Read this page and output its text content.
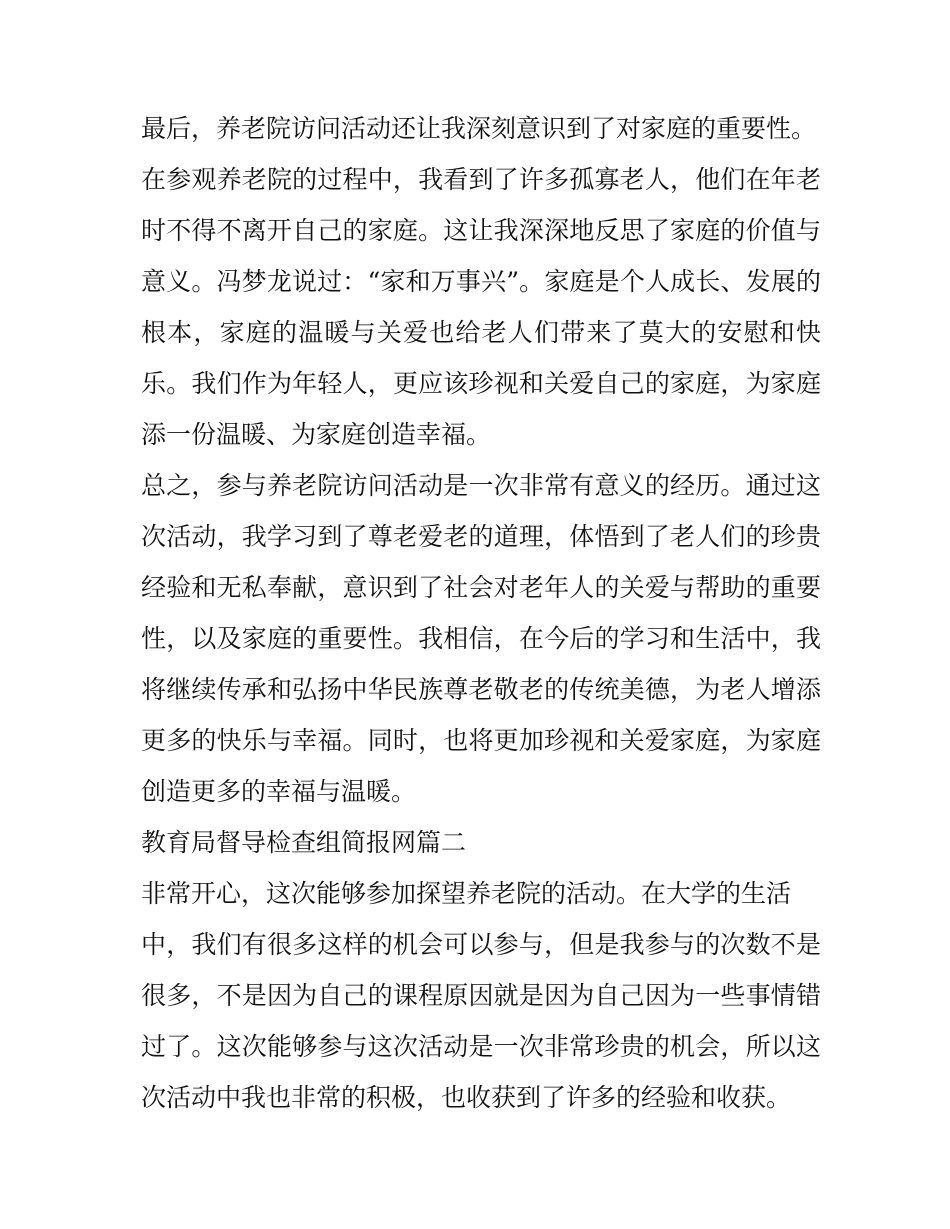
最后，养老院访问活动还让我深刻意识到了对家庭的重要性。
在参观养老院的过程中，我看到了许多孤寡老人，他们在年老
时不得不离开自己的家庭。这让我深深地反思了家庭的价值与
意义。冯梦龙说过：“家和万事兴”。家庭是个人成长、发展的
根本，家庭的温暖与关爱也给老人们带来了莫大的安慰和快
乐。我们作为年轻人，更应该珍视和关爱自己的家庭，为家庭
添一份温暖、为家庭创造幸福。
总之，参与养老院访问活动是一次非常有意义的经历。通过这
次活动，我学习到了尊老爱老的道理，体悟到了老人们的珍贵
经验和无私奉献，意识到了社会对老年人的关爱与帮助的重要
性，以及家庭的重要性。我相信，在今后的学习和生活中，我
将继续传承和弘扬中华民族尊老敬老的传统美德，为老人增添
更多的快乐与幸福。同时，也将更加珍视和关爱家庭，为家庭
创造更多的幸福与温暖。
教育局督导检查组简报网篇二
非常开心，这次能够参加探望养老院的活动。在大学的生活
中，我们有很多这样的机会可以参与，但是我参与的次数不是
很多，不是因为自己的课程原因就是因为自己因为一些事情错
过了。这次能够参与这次活动是一次非常珍贵的机会，所以这
次活动中我也非常的积极，也收获到了许多的经验和收获。
